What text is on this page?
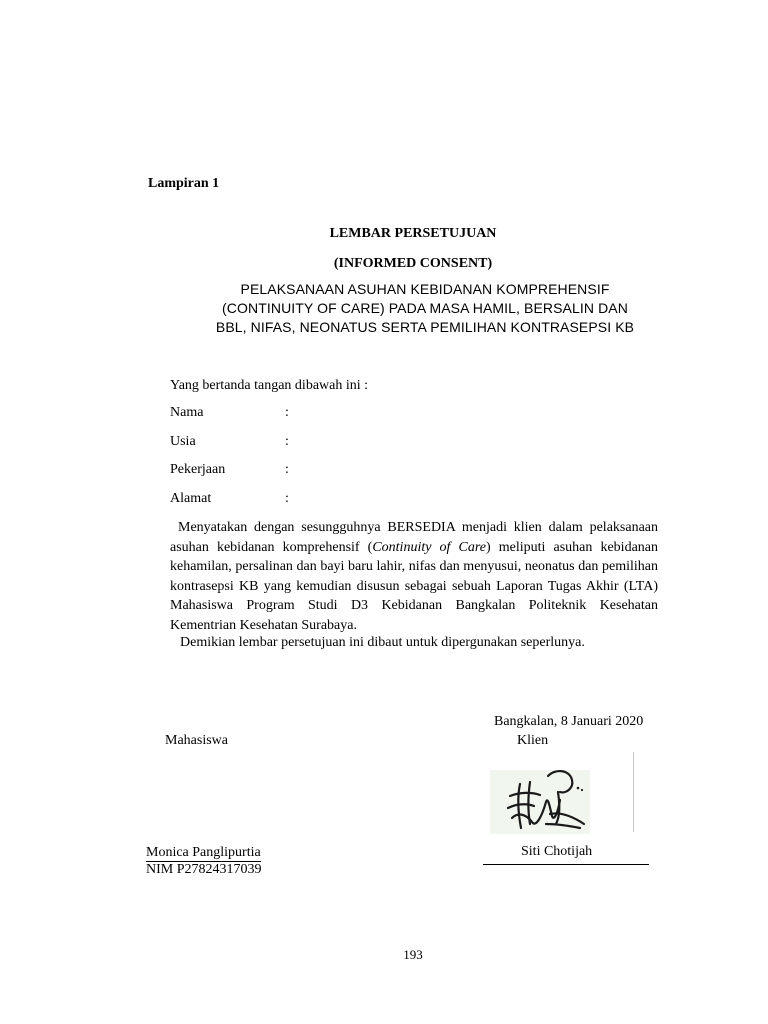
Lampiran 1
LEMBAR PERSETUJUAN
(INFORMED CONSENT)
PELAKSANAAN ASUHAN KEBIDANAN KOMPREHENSIF
(CONTINUITY OF CARE) PADA MASA HAMIL, BERSALIN DAN
BBL, NIFAS, NEONATUS SERTA PEMILIHAN KONTRASEPSI KB
Yang bertanda tangan dibawah ini :
Nama	:
Usia	:
Pekerjaan	:
Alamat	:
Menyatakan dengan sesungguhnya BERSEDIA menjadi klien dalam pelaksanaan asuhan kebidanan komprehensif (Continuity of Care) meliputi asuhan kebidanan kehamilan, persalinan dan bayi baru lahir, nifas dan menyusui, neonatus dan pemilihan kontrasepsi KB yang kemudian disusun sebagai sebuah Laporan Tugas Akhir (LTA) Mahasiswa Program Studi D3 Kebidanan Bangkalan Politeknik Kesehatan Kementrian Kesehatan Surabaya.
Demikian lembar persetujuan ini dibaut untuk dipergunakan seperlunya.
Bangkalan, 8 Januari 2020
Mahasiswa	Klien
Monica Panglipurtia
NIM P27824317039
Siti Chotijah
193
